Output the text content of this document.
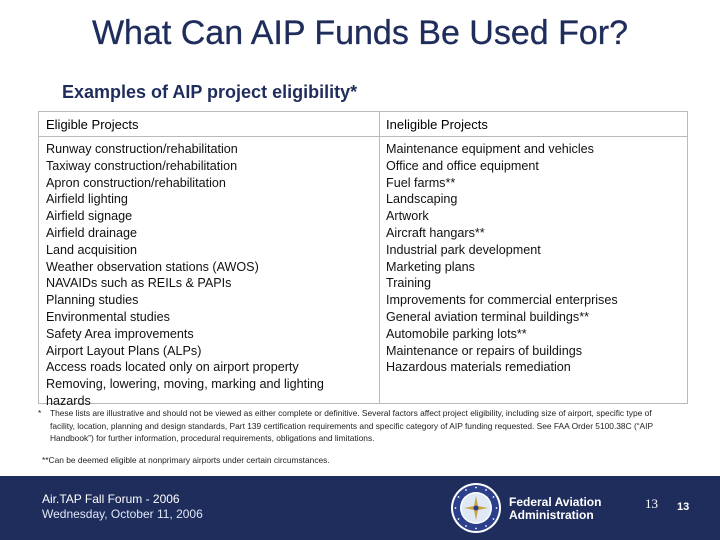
What Can AIP Funds Be Used For?
Examples of AIP project eligibility*
Eligible Projects	Ineligible Projects
Runway construction/rehabilitation
Taxiway construction/rehabilitation
Apron construction/rehabilitation
Airfield lighting
Airfield signage
Airfield drainage
Land acquisition
Weather observation stations (AWOS)
NAVAIDs such as REILs & PAPIs
Planning studies
Environmental studies
Safety Area improvements
Airport Layout Plans (ALPs)
Access roads located only on airport property
Removing, lowering, moving, marking and lighting hazards
Maintenance equipment and vehicles
Office and office equipment
Fuel farms**
Landscaping
Artwork
Aircraft hangars**
Industrial park development
Marketing plans
Training
Improvements for commercial enterprises
General aviation terminal buildings**
Automobile parking lots**
Maintenance or repairs of buildings
Hazardous materials remediation
*	These lists are illustrative and should not be viewed as either complete or definitive. Several factors affect project eligibility, including size of airport, specific type of facility, location, planning and design standards, Part 139 certification requirements and specific category of AIP funding requested. See FAA Order 5100.38C (“AIP Handbook”) for further information, procedural requirements, obligations and limitations.
**Can be deemed eligible at nonprimary airports under certain circumstances.
Air.TAP Fall Forum - 2006
Wednesday, October 11, 2006
Federal Aviation
Administration
13 13
